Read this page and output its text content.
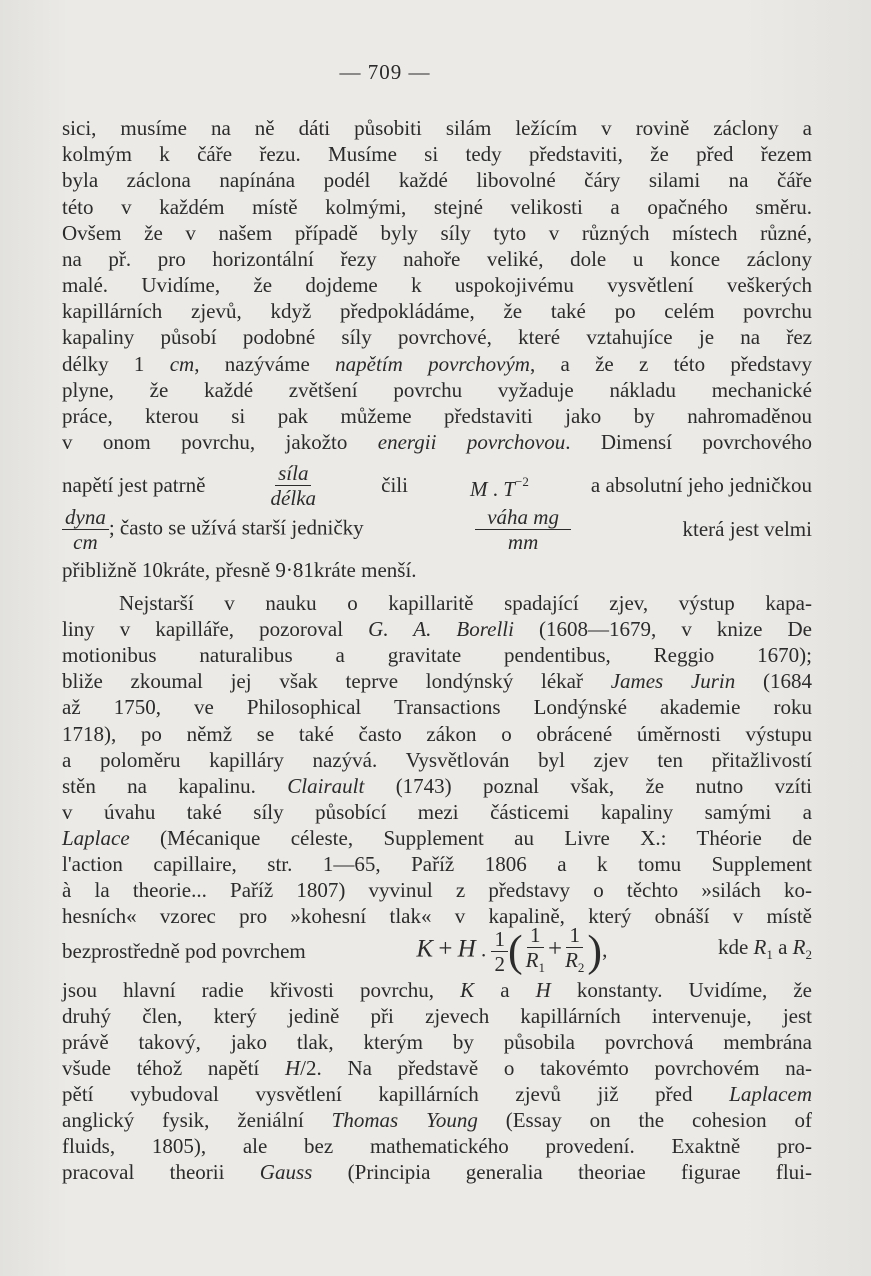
— 709 —
sici, musíme na ně dáti působiti silám ležícím v rovině záclony a
kolmým k čáře řezu. Musíme si tedy představiti, že před řezem
byla záclona napínána podél každé libovolné čáry silami na čáře
této v každém místě kolmými, stejné velikosti a opačného směru.
Ovšem že v našem případě byly síly tyto v různých místech různé,
na př. pro horizontální řezy nahoře veliké, dole u konce záclony
malé. Uvidíme, že dojdeme k uspokojivému vysvětlení veškerých
kapillárních zjevů, když předpokládáme, že také po celém povrchu
kapaliny působí podobné síly povrchové, které vztahujíce je na řez
délky 1 cm, nazýváme napětím povrchovým, a že z této představy
plyne, že každé zvětšení povrchu vyžaduje nákladu mechanické
práce, kterou si pak můžeme představiti jako by nahromaděnou
v onom povrchu, jakožto energii povrchovou. Dimensí povrchového
Nejstarší v nauku o kapillaritě spadající zjev, výstup kapa-
liny v kapilláře, pozoroval G. A. Borelli (1608—1679, v knize De
motionibus naturalibus a gravitate pendentibus, Reggio 1670);
bliže zkoumal jej však teprve londýnský lékař James Jurin (1684
až 1750, ve Philosophical Transactions Londýnské akademie roku
1718), po němž se také často zákon o obrácené úměrnosti výstupu
a poloměru kapilláry nazývá. Vysvětlován byl zjev ten přitažlivostí
stěn na kapalinu. Clairault (1743) poznal však, že nutno vzíti
v úvahu také síly působící mezi částicemi kapaliny samými a
Laplace (Mécanique céleste, Supplement au Livre X.: Théorie de
l'action capillaire, str. 1—65, Paříž 1806 a k tomu Supplement
à la theorie... Paříž 1807) vyvinul z představy o těchto »silách ko-
hesních« vzorec pro »kohesní tlak« v kapalině, který obnáší v místě
jsou hlavní radie křivosti povrchu, K a H konstanty. Uvidíme, že
druhý člen, který jedině při zjevech kapillárních intervenuje, jest
právě takový, jako tlak, kterým by působila povrchová membrána
všude téhož napětí H/2. Na představě o takovémto povrchovém na-
pětí vybudoval vysvětlení kapillárních zjevů již před Laplacem
anglický fysik, ženiální Thomas Young (Essay on the cohesion of
fluids, 1805), ale bez mathematického provedení. Exaktně pro-
pracoval theorii Gauss (Principia generalia theoriae figurae flui-
napětí jest patrně	$\frac{\text{síla}}{\text{délka}}$	čili	M . $T^{-2}$	a absolutní jeho jedničkou
$\frac{\text{dyna}}{cm}$ ; často se užívá starší jedničky	$\frac{\text{váha mg}}{mm}$	která jest velmi
přibližně 10kráte, přesně 9·81kráte menší.
bezprostředně pod povrchem	K + H . $\frac{1}{2}$ ( $\frac{1}{R_1} + \frac{1}{R_2}$ ),	kde $R_1$ a $R_2$
